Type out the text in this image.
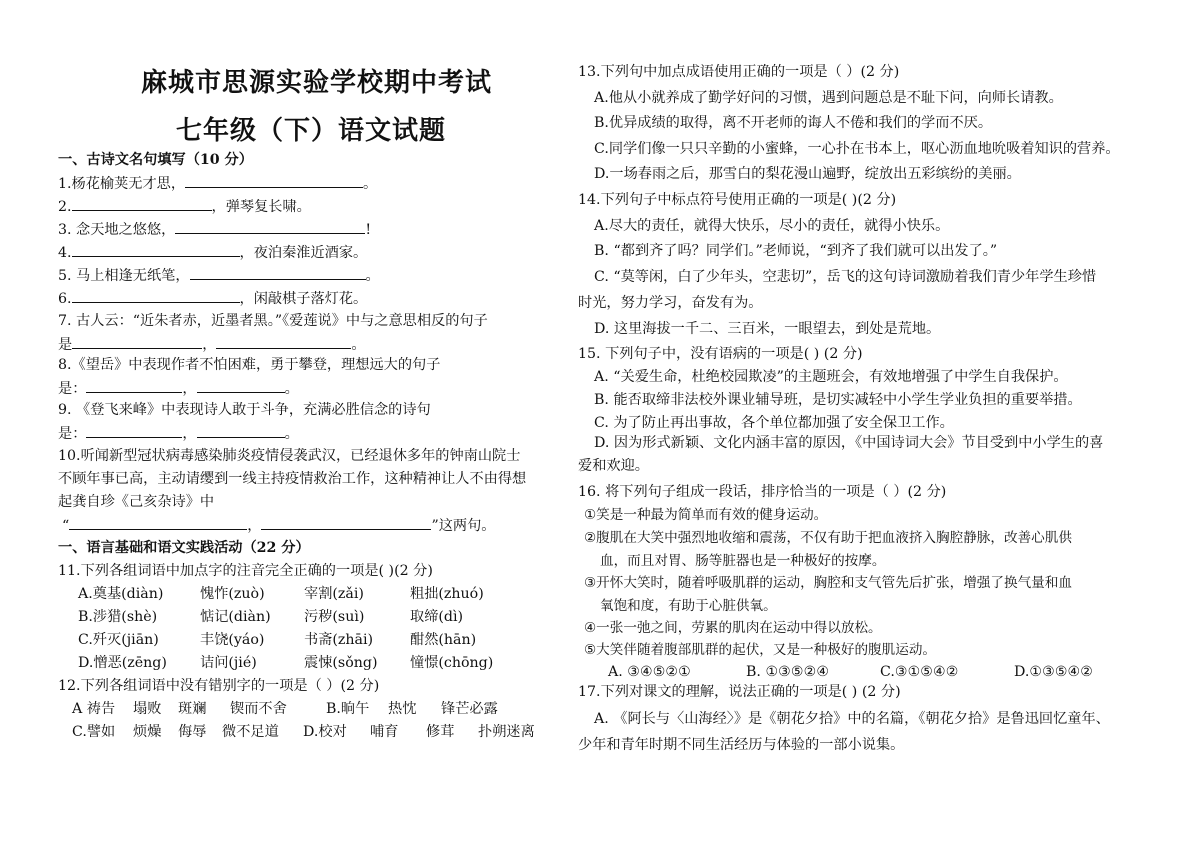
麻城市思源实验学校期中考试
七年级（下）语文试题
一、古诗文名句填写（10 分）
1.杨花榆荚无才思，	。
2.	，弹琴复长啸。
3. 念天地之悠悠，	!
4.	，夜泊秦淮近酒家。
5. 马上相逢无纸笔，	。
6.	，闲敲棋子落灯花。
7. 古人云：“近朱者赤，近墨者黑。”《爱莲说》中与之意思相反的句子
是	，	。
8.《望岳》中表现作者不怕困难，勇于攀登，理想远大的句子
是：	，	。
9. 《登飞来峰》中表现诗人敢于斗争，充满必胜信念的诗句
是：	，	。
10.听闻新型冠状病毒感染肺炎疫情侵袭武汉，已经退休多年的钟南山院士
不顾年事已高，主动请缨到一线主持疫情救治工作，这种精神让人不由得想
起龚自珍《己亥杂诗》中
“	，	”这两句。
一、语言基础和语文实践活动（22 分）
11.下列各组词语中加点字的注音完全正确的一项是( )(2 分)
A.奠基(diàn)	愧怍(zuò)	宰割(zǎi)	粗拙(zhuó)
B.涉猎(shè)	惦记(diàn) 污秽(suì)	取缔(dì)
C.歼灭(jiān)	丰饶(yáo)	书斋(zhāi)	酣然(hān)
D.憎恶(zēng) 诘问(jié)	震悚(sǒng) 憧憬(chōng)
12.下列各组词语中没有错别字的一项是（ ）(2 分)
A 祷告 塌败 斑斓 锲而不舍	B.晌午 热忱 锋芒必露
C.譬如 烦燥 侮辱 微不足道 D.校对 哺育 修茸 扑朔迷离
13.下列句中加点成语使用正确的一项是（ ）(2 分)
A.他从小就养成了勤学好问的习惯，遇到问题总是不耻下问，向师长请教。
B.优异成绩的取得，离不开老师的诲人不倦和我们的学而不厌。
C.同学们像一只只辛勤的小蜜蜂，一心扑在书本上，呕心沥血地吮吸着知识的营养。
D.一场春雨之后，那雪白的梨花漫山遍野，绽放出五彩缤纷的美丽。
14.下列句子中标点符号使用正确的一项是( )(2 分)
A.尽大的责任，就得大快乐，尽小的责任，就得小快乐。
B. “都到齐了吗？同学们。”老师说，“到齐了我们就可以出发了。”
C. “莫等闲，白了少年头，空悲切”，岳飞的这句诗词激励着我们青少年学生珍惜
时光，努力学习，奋发有为。
D. 这里海拔一千二、三百米，一眼望去，到处是荒地。
15. 下列句子中，没有语病的一项是( ) (2 分)
A. “关爱生命，杜绝校园欺凌”的主题班会，有效地增强了中学生自我保护。
B. 能否取缔非法校外课业辅导班，是切实减轻中小学生学业负担的重要举措。
C. 为了防止再出事故，各个单位都加强了安全保卫工作。
D. 因为形式新颖、文化内涵丰富的原因，《中国诗词大会》节目受到中小学生的喜
爱和欢迎。
16. 将下列句子组成一段话，排序恰当的一项是（ ）(2 分)
①笑是一种最为简单而有效的健身运动。
②腹肌在大笑中强烈地收缩和震荡，不仅有助于把血液挤入胸腔静脉，改善心肌供
血，而且对胃、肠等脏器也是一种极好的按摩。
③开怀大笑时，随着呼吸肌群的运动，胸腔和支气管先后扩张，增强了换气量和血
氧饱和度，有助于心脏供氧。
④一张一弛之间，劳累的肌肉在运动中得以放松。
⑤大笑伴随着腹部肌群的起伏，又是一种极好的腹肌运动。
A. ③④⑤②①	B. ①③⑤②④	C.③①⑤④②	D.①③⑤④②
17.下列对课文的理解，说法正确的一项是( ) (2 分)
A. 《阿长与〈山海经〉》是《朝花夕拾》中的名篇，《朝花夕拾》是鲁迅回忆童年、
少年和青年时期不同生活经历与体验的一部小说集。
